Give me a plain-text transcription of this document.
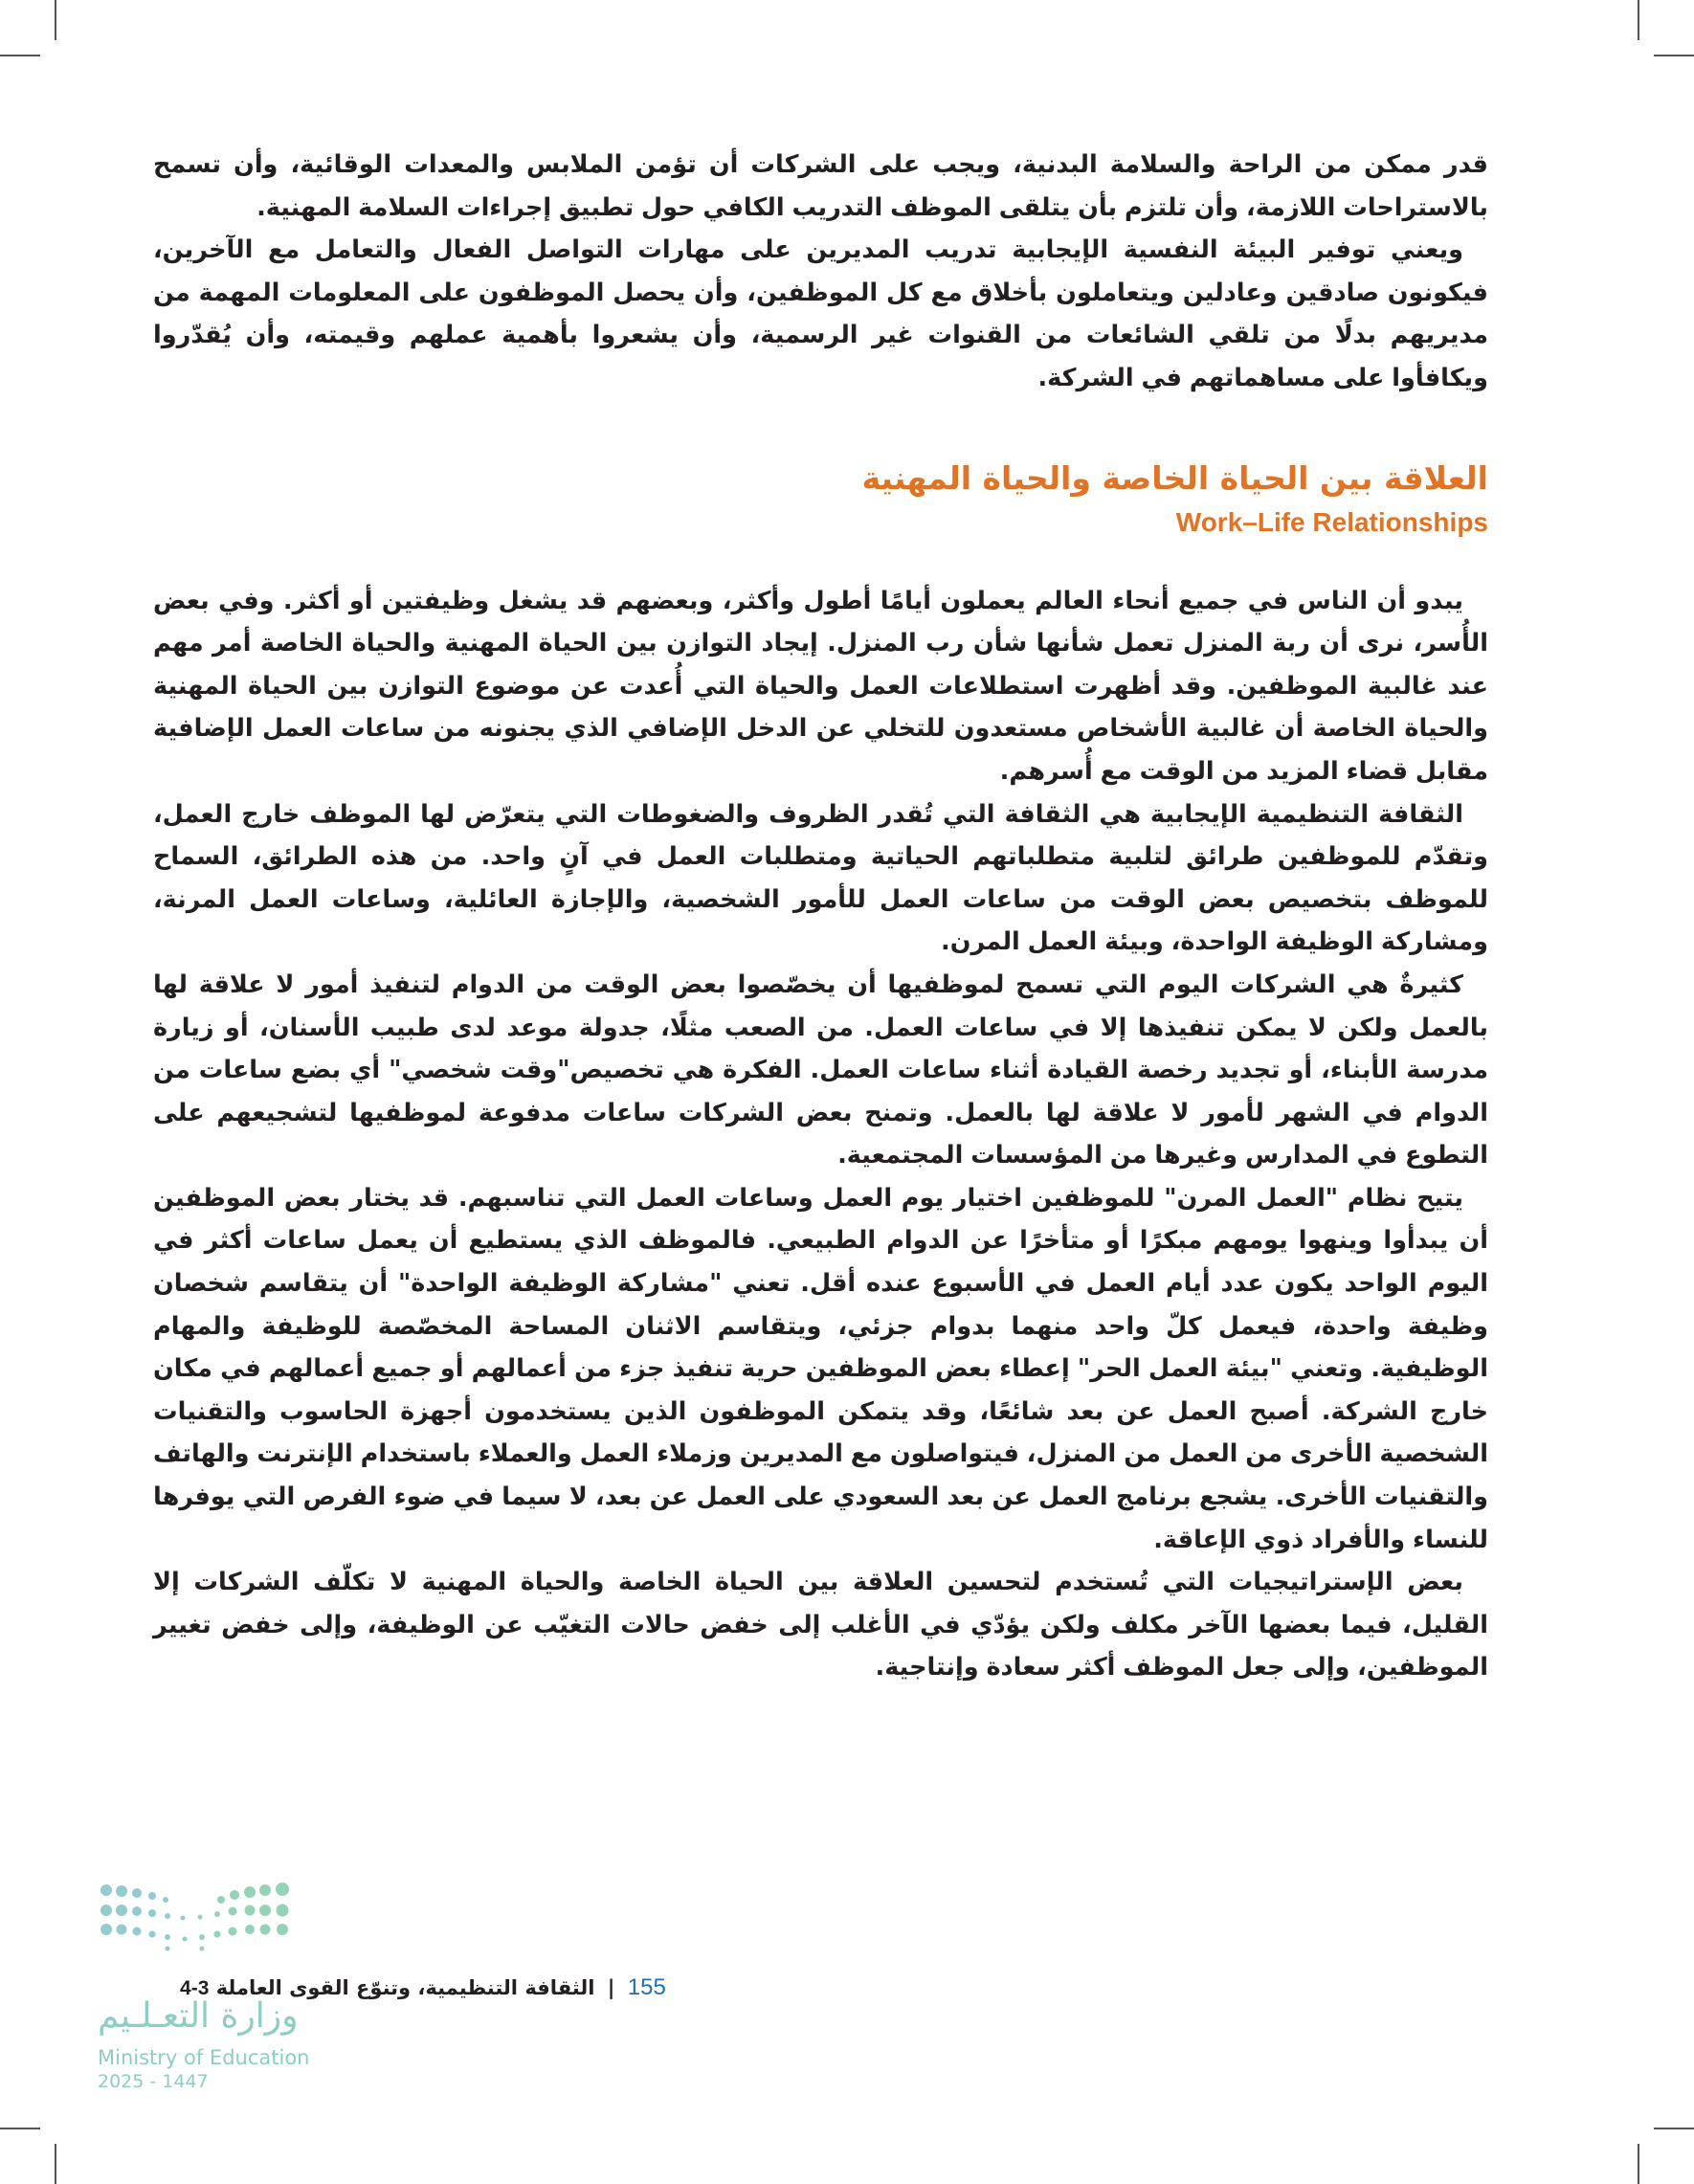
قدر ممكن من الراحة والسلامة البدنية، ويجب على الشركات أن تؤمن الملابس والمعدات الوقائية، وأن تسمح بالاستراحات اللازمة، وأن تلتزم بأن يتلقى الموظف التدريب الكافي حول تطبيق إجراءات السلامة المهنية.

ويعني توفير البيئة النفسية الإيجابية تدريب المديرين على مهارات التواصل الفعال والتعامل مع الآخرين، فيكونون صادقين وعادلين ويتعاملون بأخلاق مع كل الموظفين، وأن يحصل الموظفون على المعلومات المهمة من مديريهم بدلًا من تلقي الشائعات من القنوات غير الرسمية، وأن يشعروا بأهمية عملهم وقيمته، وأن يُقدّروا ويكافأوا على مساهماتهم في الشركة.

العلاقة بين الحياة الخاصة والحياة المهنية
Work–Life Relationships

يبدو أن الناس في جميع أنحاء العالم يعملون أيامًا أطول وأكثر، وبعضهم قد يشغل وظيفتين أو أكثر. وفي بعض الأُسر، نرى أن ربة المنزل تعمل شأنها شأن رب المنزل. إيجاد التوازن بين الحياة المهنية والحياة الخاصة أمر مهم عند غالبية الموظفين. وقد أظهرت استطلاعات العمل والحياة التي أُعدت عن موضوع التوازن بين الحياة المهنية والحياة الخاصة أن غالبية الأشخاص مستعدون للتخلي عن الدخل الإضافي الذي يجنونه من ساعات العمل الإضافية مقابل قضاء المزيد من الوقت مع أُسرهم.

الثقافة التنظيمية الإيجابية هي الثقافة التي تُقدر الظروف والضغوطات التي يتعرّض لها الموظف خارج العمل، وتقدّم للموظفين طرائق لتلبية متطلباتهم الحياتية ومتطلبات العمل في آنٍ واحد. من هذه الطرائق، السماح للموظف بتخصيص بعض الوقت من ساعات العمل للأمور الشخصية، والإجازة العائلية، وساعات العمل المرنة، ومشاركة الوظيفة الواحدة، وبيئة العمل المرن.

كثيرةٌ هي الشركات اليوم التي تسمح لموظفيها أن يخصّصوا بعض الوقت من الدوام لتنفيذ أمور لا علاقة لها بالعمل ولكن لا يمكن تنفيذها إلا في ساعات العمل. من الصعب مثلًا، جدولة موعد لدى طبيب الأسنان، أو زيارة مدرسة الأبناء، أو تجديد رخصة القيادة أثناء ساعات العمل. الفكرة هي تخصيص"وقت شخصي" أي بضع ساعات من الدوام في الشهر لأمور لا علاقة لها بالعمل. وتمنح بعض الشركات ساعات مدفوعة لموظفيها لتشجيعهم على التطوع في المدارس وغيرها من المؤسسات المجتمعية.

يتيح نظام "العمل المرن" للموظفين اختيار يوم العمل وساعات العمل التي تناسبهم. قد يختار بعض الموظفين أن يبدأوا وينهوا يومهم مبكرًا أو متأخرًا عن الدوام الطبيعي. فالموظف الذي يستطيع أن يعمل ساعات أكثر في اليوم الواحد يكون عدد أيام العمل في الأسبوع عنده أقل. تعني "مشاركة الوظيفة الواحدة" أن يتقاسم شخصان وظيفة واحدة، فيعمل كلّ واحد منهما بدوام جزئي، ويتقاسم الاثنان المساحة المخصّصة للوظيفة والمهام الوظيفية. وتعني "بيئة العمل الحر" إعطاء بعض الموظفين حرية تنفيذ جزء من أعمالهم أو جميع أعمالهم في مكان خارج الشركة. أصبح العمل عن بعد شائعًا، وقد يتمكن الموظفون الذين يستخدمون أجهزة الحاسوب والتقنيات الشخصية الأخرى من العمل من المنزل، فيتواصلون مع المديرين وزملاء العمل والعملاء باستخدام الإنترنت والهاتف والتقنيات الأخرى. يشجع برنامج العمل عن بعد السعودي على العمل عن بعد، لا سيما في ضوء الفرص التي يوفرها للنساء والأفراد ذوي الإعاقة.

بعض الإستراتيجيات التي تُستخدم لتحسين العلاقة بين الحياة الخاصة والحياة المهنية لا تكلّف الشركات إلا القليل، فيما بعضها الآخر مكلف ولكن يؤدّي في الأغلب إلى خفض حالات التغيّب عن الوظيفة، وإلى خفض تغيير الموظفين، وإلى جعل الموظف أكثر سعادة وإنتاجية.

155 | الثقافة التنظيمية، وتنوّع القوى العاملة 3-4
وزارة التعـلـيم
Ministry of Education
2025 - 1447
